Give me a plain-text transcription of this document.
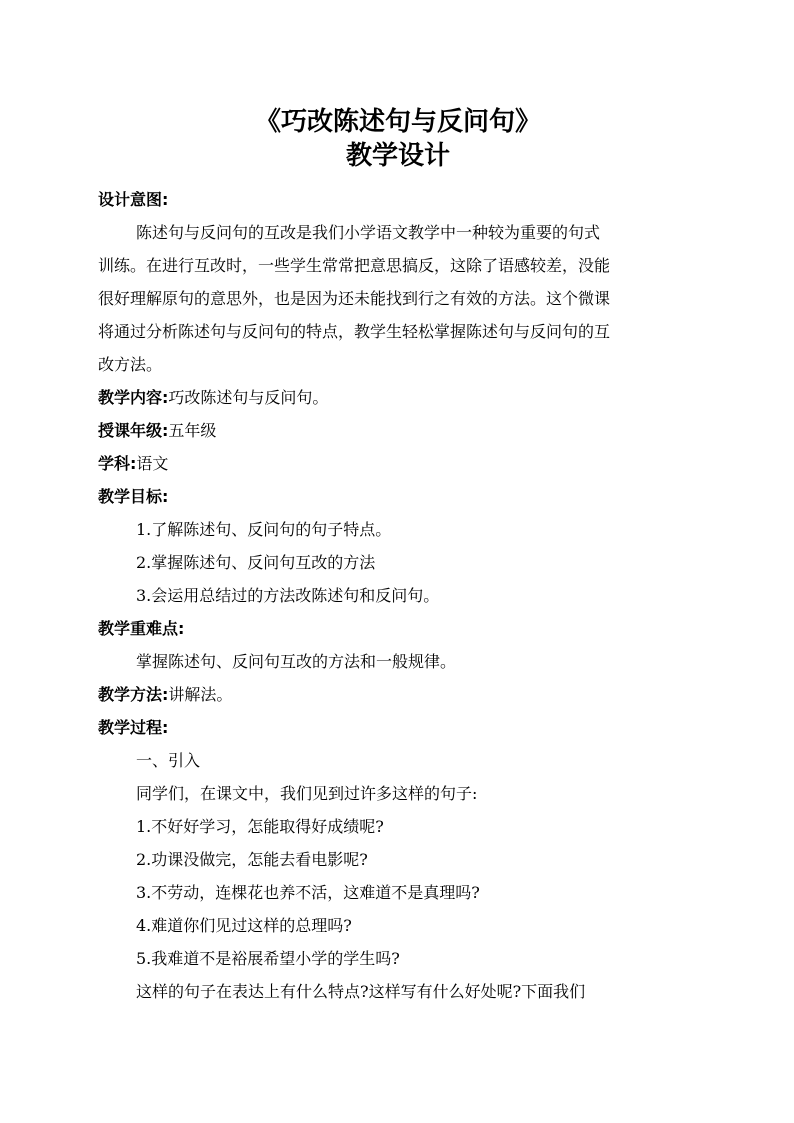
《巧改陈述句与反问句》

教学设计

设计意图:

陈述句与反问句的互改是我们小学语文教学中一种较为重要的句式

训练。在进行互改时，一些学生常常把意思搞反，这除了语感较差，没能

很好理解原句的意思外，也是因为还未能找到行之有效的方法。这个微课

将通过分析陈述句与反问句的特点，教学生轻松掌握陈述句与反问句的互

改方法。

教学内容:巧改陈述句与反问句。

授课年级:五年级

学科:语文

教学目标:

1.了解陈述句、反问句的句子特点。

2.掌握陈述句、反问句互改的方法

3.会运用总结过的方法改陈述句和反问句。

教学重难点:

掌握陈述句、反问句互改的方法和一般规律。

教学方法:讲解法。

教学过程:

一、引入

同学们，在课文中，我们见到过许多这样的句子:

1.不好好学习，怎能取得好成绩呢?

2.功课没做完，怎能去看电影呢?

3.不劳动，连棵花也养不活，这难道不是真理吗?

4.难道你们见过这样的总理吗?

5.我难道不是裕展希望小学的学生吗?

这样的句子在表达上有什么特点?这样写有什么好处呢?下面我们
